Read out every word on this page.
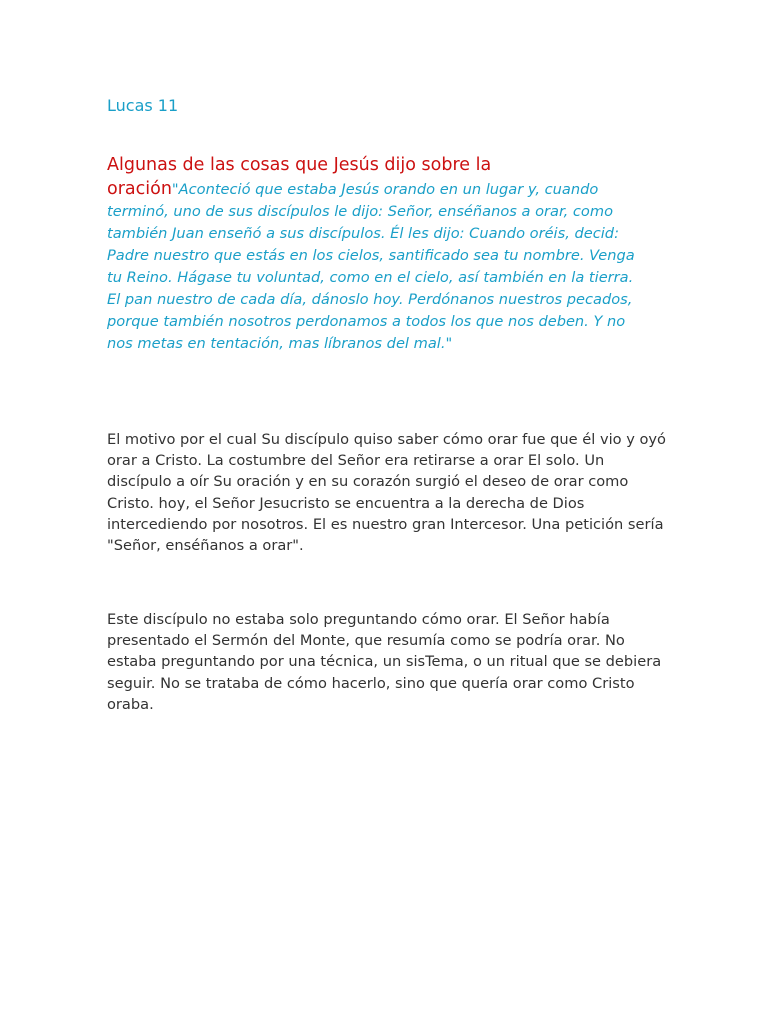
Lucas 11

Algunas de las cosas que Jesús dijo sobre la
oración"Aconteció que estaba Jesús orando en un lugar y, cuando terminó, uno de sus discípulos le dijo: Señor, enséñanos a orar, como también Juan enseñó a sus discípulos. Él les dijo: Cuando oréis, decid: Padre nuestro que estás en los cielos, santificado sea tu nombre. Venga tu Reino. Hágase tu voluntad, como en el cielo, así también en la tierra. El pan nuestro de cada día, dánoslo hoy. Perdónanos nuestros pecados, porque también nosotros perdonamos a todos los que nos deben. Y no nos metas en tentación, mas líbranos del mal."

El motivo por el cual Su discípulo quiso saber cómo orar fue que él vio y oyó orar a Cristo. La costumbre del Señor era retirarse a orar El solo. Un discípulo a oír Su oración y en su corazón surgió el deseo de orar como Cristo. hoy, el Señor Jesucristo se encuentra a la derecha de Dios intercediendo por nosotros. El es nuestro gran Intercesor. Una petición sería "Señor, enséñanos a orar".

Este discípulo no estaba solo preguntando cómo orar. El Señor había presentado el Sermón del Monte, que resumía como se podría orar. No estaba preguntando por una técnica, un sisTema, o un ritual que se debiera seguir. No se trataba de cómo hacerlo, sino que quería orar como Cristo oraba.
